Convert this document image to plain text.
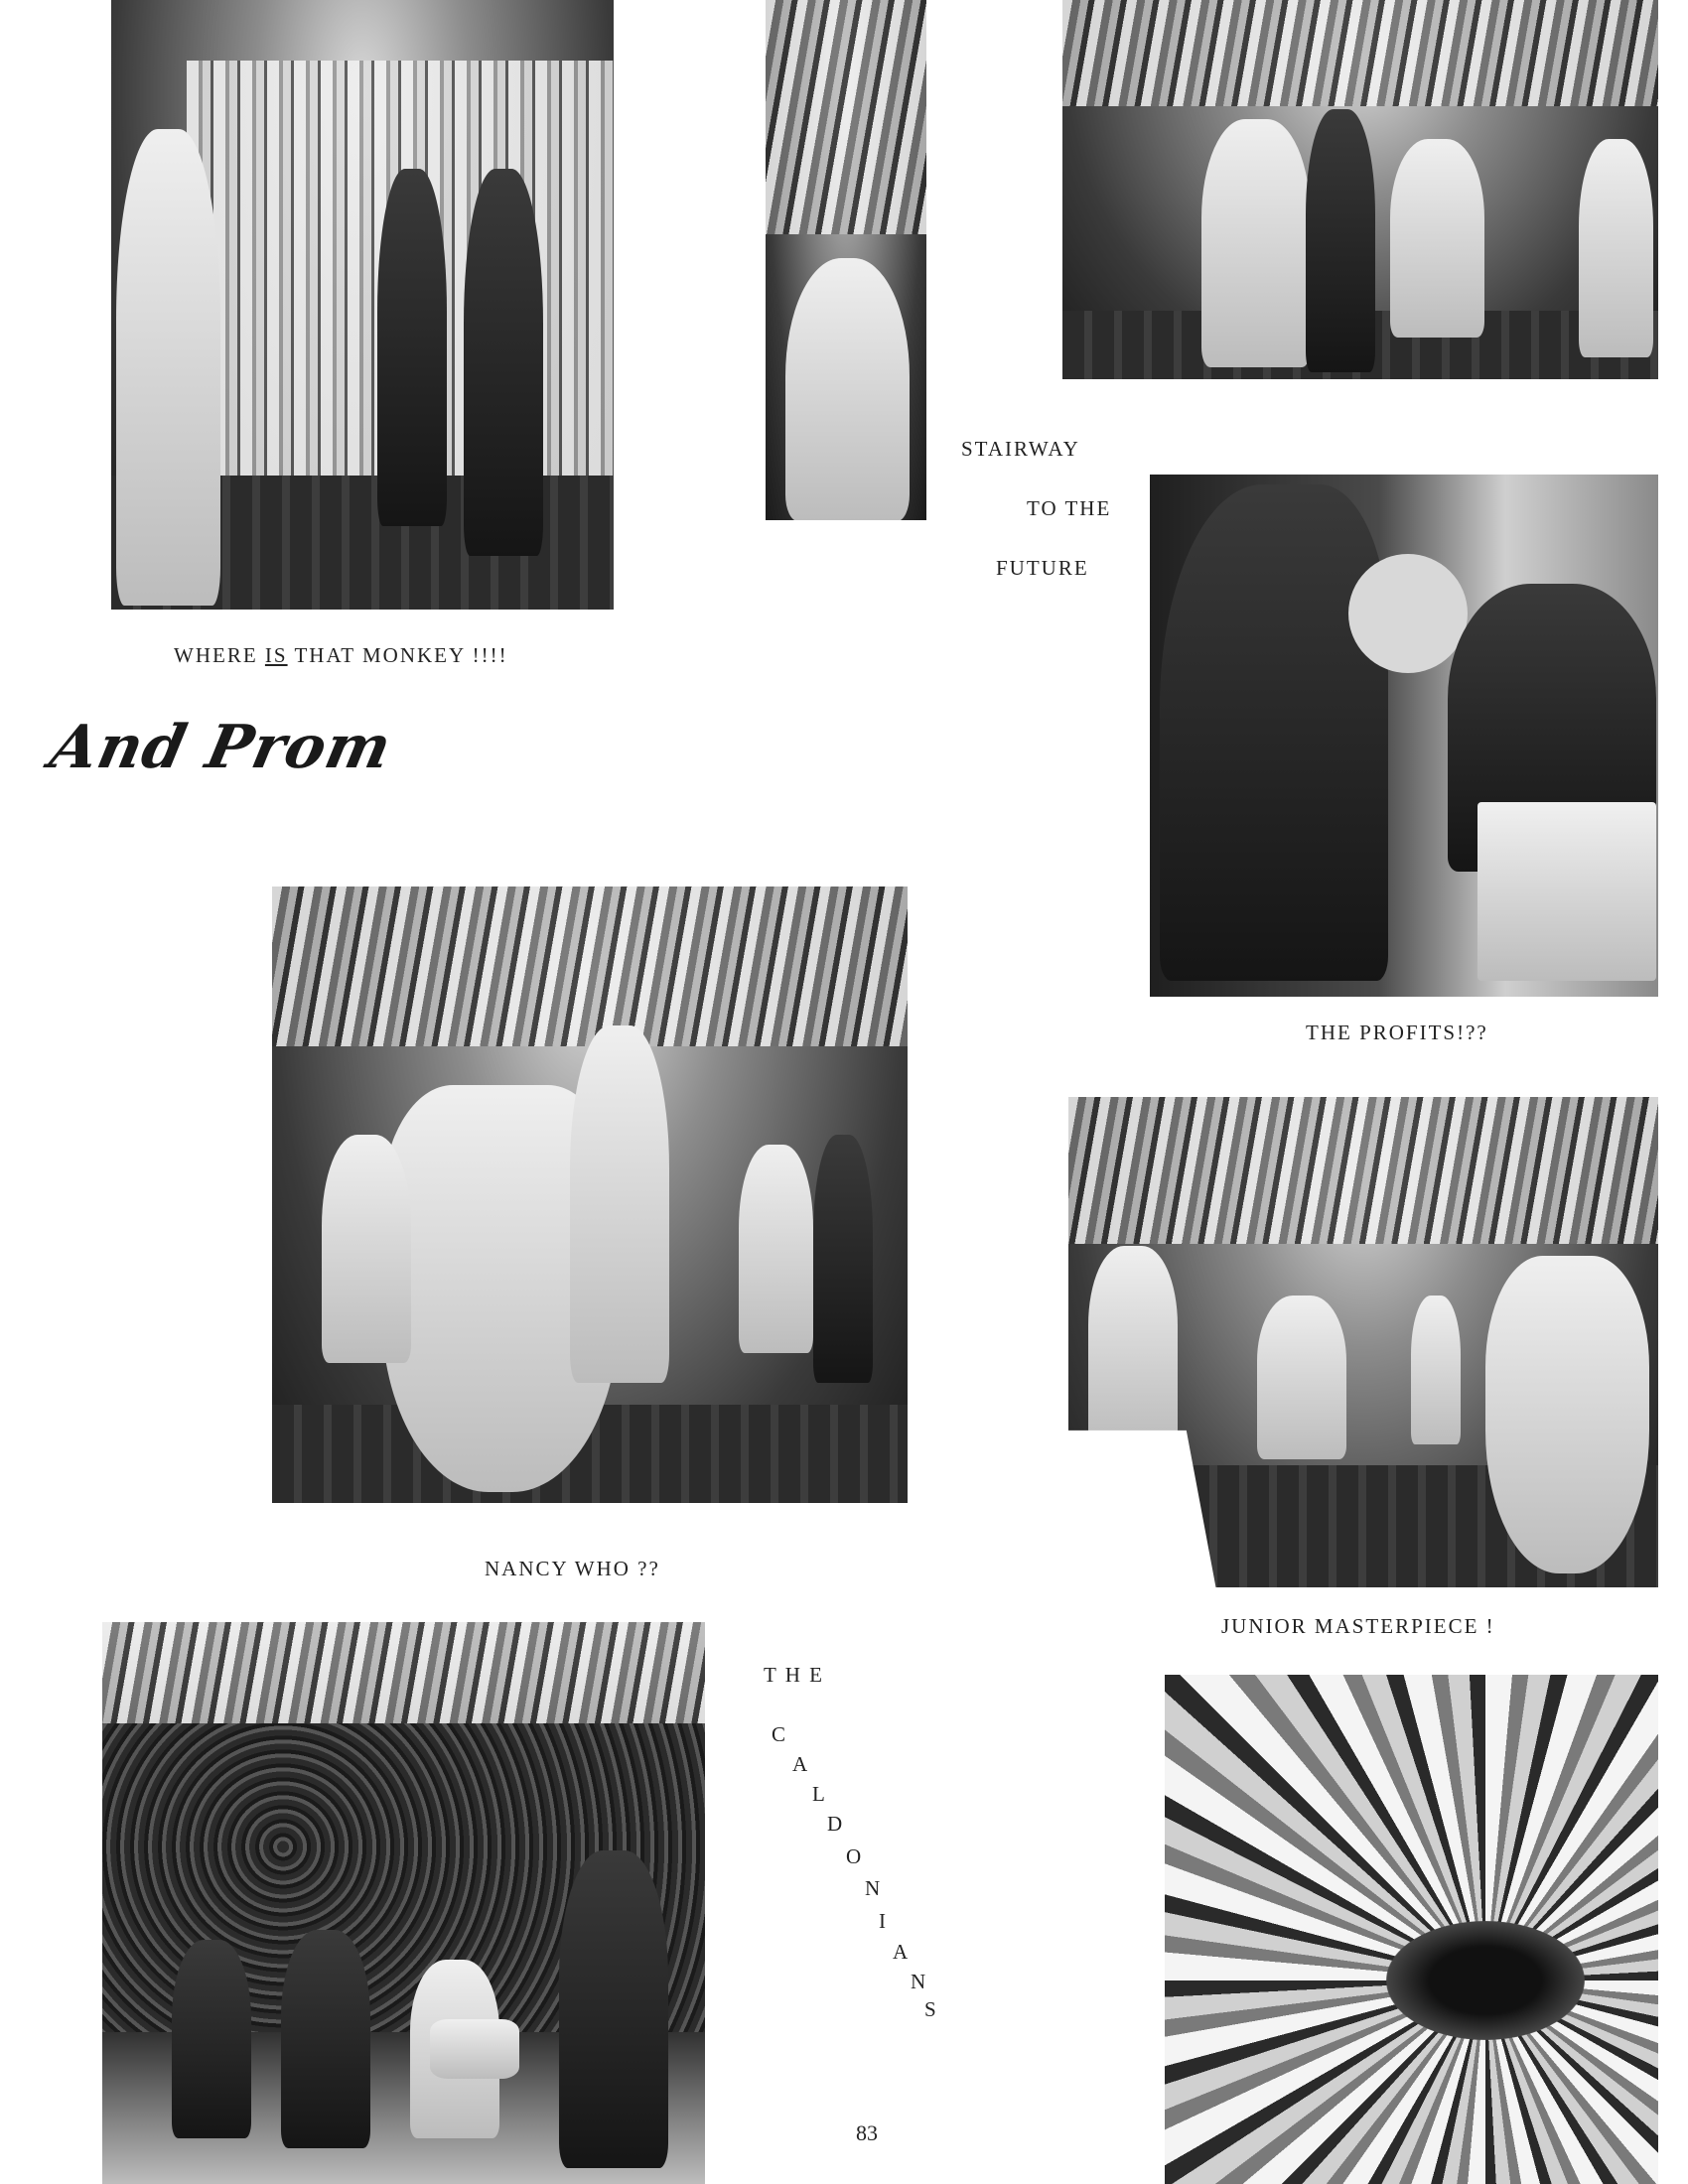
WHERE IS THAT MONKEY !!!!
And Prom
STAIRWAY
TO THE
FUTURE
THE PROFITS!??
NANCY WHO ??
JUNIOR MASTERPIECE !
T H E
C
A
L
D
O
N
I
A
N
S
83
